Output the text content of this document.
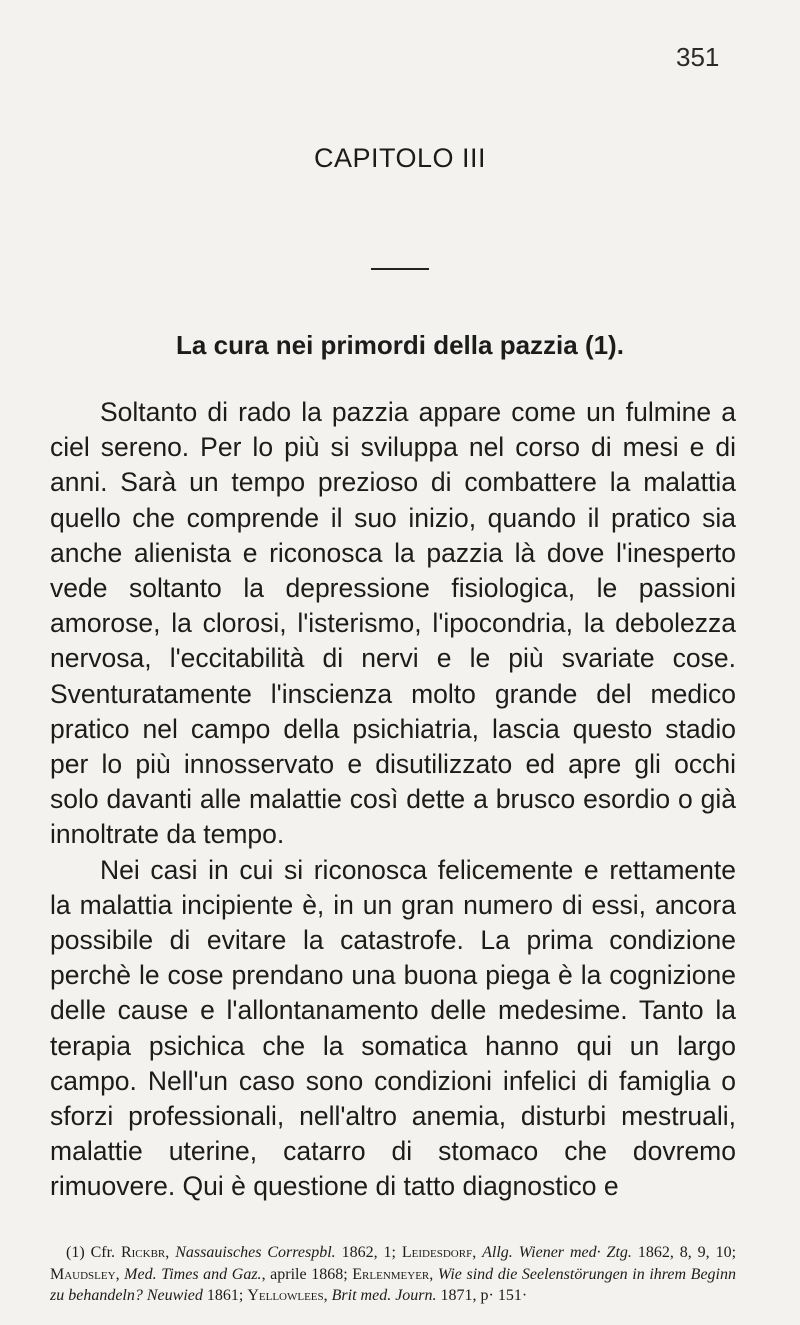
351
CAPITOLO III
La cura nei primordi della pazzia (1).

Soltanto di rado la pazzia appare come un fulmine a ciel sereno. Per lo più si sviluppa nel corso di mesi e di anni. Sarà un tempo prezioso di combattere la malattia quello che comprende il suo inizio, quando il pratico sia anche alienista e riconosca la pazzia là dove l'inesperto vede soltanto la depressione fisiologica, le passioni amorose, la clorosi, l'isterismo, l'ipocondria, la debolezza nervosa, l'eccitabilità di nervi e le più svariate cose. Sventuratamente l'inscienza molto grande del medico pratico nel campo della psichiatria, lascia questo stadio per lo più innosservato e disutilizzato ed apre gli occhi solo davanti alle malattie così dette a brusco esordio o già innoltrate da tempo.

Nei casi in cui si riconosca felicemente e rettamente la malattia incipiente è, in un gran numero di essi, ancora possibile di evitare la catastrofe. La prima condizione perchè le cose prendano una buona piega è la cognizione delle cause e l'allontanamento delle medesime. Tanto la terapia psichica che la somatica hanno qui un largo campo. Nell'un caso sono condizioni infelici di famiglia o sforzi professionali, nell'altro anemia, disturbi mestruali, malattie uterine, catarro di stomaco che dovremo rimuovere. Qui è questione di tatto diagnostico e

(1) Cfr. Rickbr, Nassauisches Correspbl. 1862, 1; Leidesdorf, Allg. Wiener med· Ztg. 1862, 8, 9, 10; Maudsley, Med. Times and Gaz., aprile 1868; Erlenmeyer, Wie sind die Seelenstörungen in ihrem Beginn zu behandeln? Neuwied 1861; Yellowlees, Brit med. Journ. 1871, p· 151·
